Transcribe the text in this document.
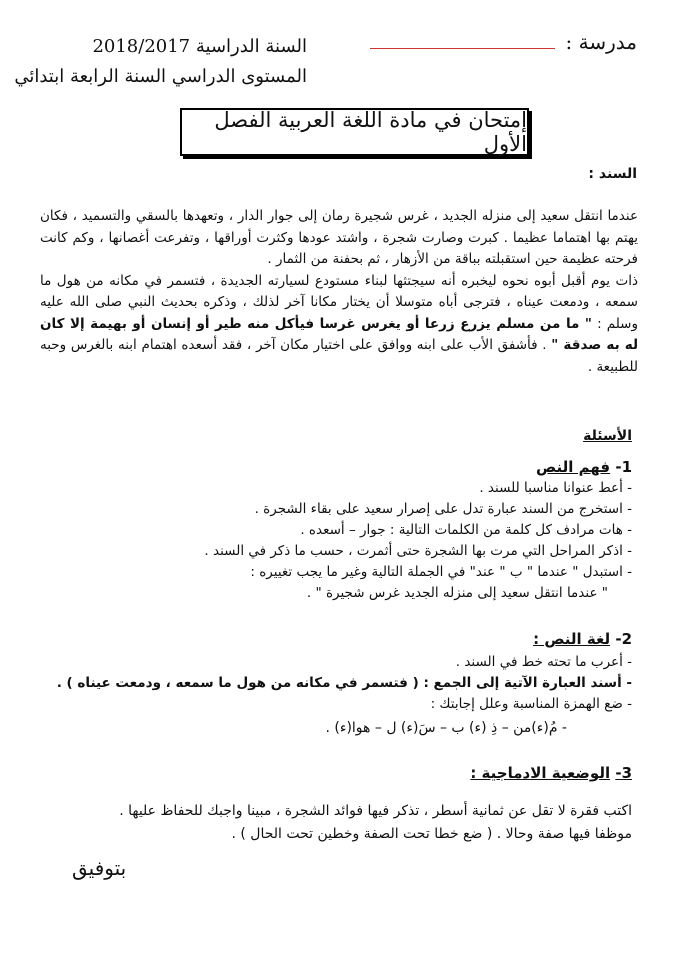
مدرسة :
السنة الدراسية 2018/2017
المستوى الدراسي السنة الرابعة ابتدائي
إمتحان في مادة اللغة العربية الفصل الأول
السند :

عندما انتقل سعيد إلى منزله الجديد ، غرس شجيرة رمان إلى جوار الدار ، وتعهدها بالسقي والتسميد ، فكان يهتم بها اهتماما عظيما . كبرت وصارت شجرة ، واشتد عودها وكثرت أوراقها ، وتفرعت أغصانها ، وكم كانت فرحته عظيمة حين استقبلته بباقة من الأزهار ، ثم بحفنة من الثمار .

ذات يوم أقبل أبوه نحوه ليخبره أنه سيجتثها لبناء مستودع لسيارته الجديدة ، فتسمر في مكانه من هول ما سمعه ، ودمعت عيناه ، فترجى أباه متوسلا أن يختار مكانا آخر لذلك ، وذكره بحديث النبي صلى الله عليه وسلم : " ما من مسلم يزرع زرعا أو يغرس غرسا فيأكل منه طير أو إنسان أو بهيمة إلا كان له به صدقة " . فأشفق الأب على ابنه ووافق على اختيار مكان آخر ، فقد أسعده اهتمام ابنه بالغرس وحبه للطبيعة .

الأسئلة
1- فهم النص
- أعط عنوانا مناسبا للسند .
- استخرج من السند عبارة تدل على إصرار سعيد على بقاء الشجرة .
- هات مرادف كل كلمة من الكلمات التالية : جوار – أسعده .
- اذكر المراحل التي مرت بها الشجرة حتى أثمرت ، حسب ما ذكر في السند .
- استبدل " عندما " ب " عند" في الجملة التالية وغير ما يجب تغييره :
" عندما انتقل سعيد إلى منزله الجديد غرس شجيرة " .
2- لغة النص :
- أعرب ما تحته خط في السند .
- أسند العبارة الآتية إلى الجمع : ( فتسمر في مكانه من هول ما سمعه ، ودمعت عيناه ) .
- ضع الهمزة المناسبة وعلل إجابتك :
- مُ(ء)من – ذِ (ء) ب – سَ(ء) ل – هوا(ء) .
3- الوضعية الادماجية :
اكتب فقرة لا تقل عن ثمانية أسطر ، تذكر فيها فوائد الشجرة ، مبينا واجبك للحفاظ عليها .
موظفا فيها صفة وحالا . ( ضع خطا تحت الصفة وخطين تحت الحال ) .
بتوفيق
